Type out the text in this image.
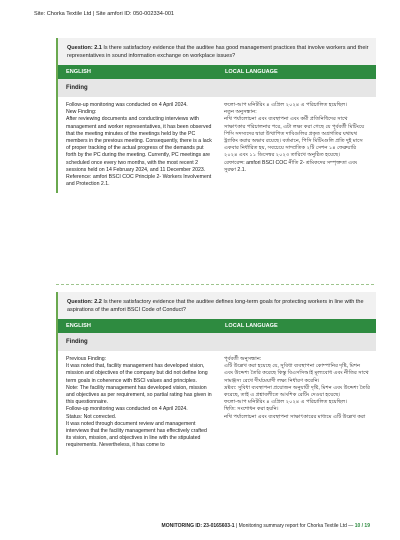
Site: Chorka Textile Ltd | Site amfori ID: 050-002334-001
Question: 2.1 Is there satisfactory evidence that the auditee has good management practices that involve workers and their representatives in sound information exchange on workplace issues?
ENGLISH	LOCAL LANGUAGE
Finding
Follow-up monitoring was conducted on 4 April 2024.
New Finding:
After reviewing documents and conducting interviews with management and worker representatives, it has been observed that the meeting minutes of the meetings held by the PC members in the previous meeting. Consequently, there is a lack of proper tracking of the actual progress of the demands put forth by the PC during the meeting. Currently, PC meetings are scheduled once every two months, with the most recent 2 sessions held on 14 February 2024, and 11 December 2023.
Reference: amfori BSCI COC Principle 2- Workers Involvement and Protection 2.1.
ফলো-আপ মনিটরিং ৪ এপ্রিল ২০২৪ এ পরিচালিত হয়েছিল।
নতুন অনুসন্ধান:
নথি পর্যালোচনা এবং ব্যবস্থাপনা এবং কর্মী প্রতিনিধিদের সাথে সাক্ষাৎকার পরিচালনার পরে, এটা লক্ষ্য করা গেছে যে পূর্ববর্তী মিটিংয়ে পিসি সদস্যদের দ্বারা উত্থাপিত দাবিগুলির প্রকৃত অগ্রগতির যথাযথ ট্র্যাকিং করার অভাব রয়েছে। বর্তমানে, পিসি মিটিংগুলি প্রতি দুই মাসে একবার নির্ধারিত হয়, সবচেয়ে সাম্প্রতিক ২টি সেশন ১৪ ফেব্রুয়ারি ২০২৪ এবং ১১ ডিসেম্বর ২০২৩ তারিখে অনুষ্ঠিত হয়েছে।
রেফারেন্স: amfori BSCI COC নীতি 2- শ্রমিকদের সম্পৃক্ততা এবং সুরক্ষা 2.1.
Question: 2.2 Is there satisfactory evidence that the auditee defines long-term goals for protecting workers in line with the aspirations of the amfori BSCI Code of Conduct?
ENGLISH	LOCAL LANGUAGE
Finding
Previous Finding:
It was noted that, facility management has developed vision, mission and objectives of the company but did not define long term goals in coherence with BSCI values and principles.
Note: The facility management has developed vision, mission and objectives as per requirement, so partial rating has given in this questionnaire.
Follow-up monitoring was conducted on 4 April 2024.
Status: Not corrected.
It was noted through document review and management interviews that the facility management has effectively crafted its vision, mission, and objectives in line with the stipulated requirements. Nevertheless, it has come to
পূর্ববর্তী অনুসন্ধান:
এটি উল্লেখ করা হয়েছে যে, সুবিধা ব্যবস্থাপনা কোম্পানির দৃষ্টি, মিশন এবং উদ্দেশ্য তৈরি করেছে কিন্তু বিএসসিআই মূল্যবোধ এবং নীতির সাথে সামঞ্জস্য রেখে দীর্ঘমেয়াদী লক্ষ্য নির্ধারণ করেনি।
দ্রষ্টব্য: সুবিধা ব্যবস্থাপনা প্রয়োজন অনুযায়ী দৃষ্টি, মিশন এবং উদ্দেশ্য তৈরি করেছে, তাই এ প্রশ্নাবলীতে আংশিক রেটিং দেওয়া হয়েছে।
ফলো-আপ মনিটরিং ৪ এপ্রিল ২০২৪ এ পরিচালিত হয়েছিল।
স্থিতি: সংশোধন করা হয়নি।
নথি পর্যালোচনা এবং ব্যবস্থাপনা সাক্ষাৎকারের মাধ্যমে এটি উল্লেখ করা
MONITORING ID: 23-0165603-1 | Monitoring summary report for Chorka Textile Ltd — 10 / 19
